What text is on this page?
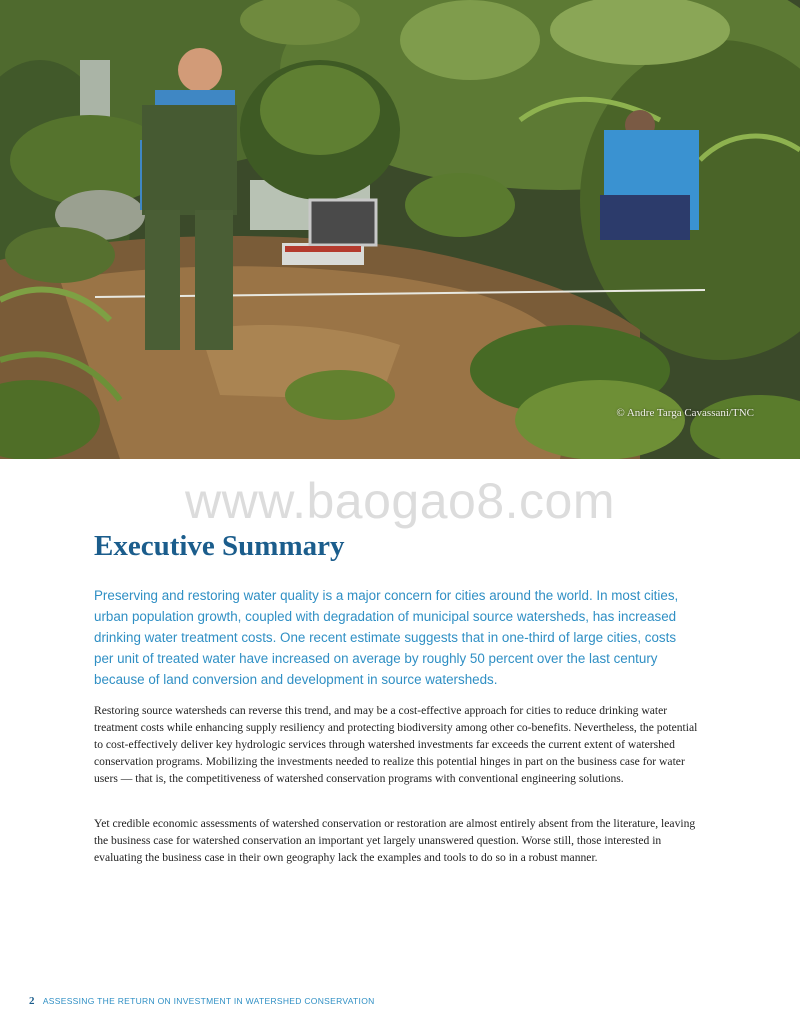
© Andre Targa Cavassani/TNC
www.baogao8.com
Executive Summary

Preserving and restoring water quality is a major concern for cities around the world. In most cities, urban population growth, coupled with degradation of municipal source watersheds, has increased drinking water treatment costs. One recent estimate suggests that in one-third of large cities, costs per unit of treated water have increased on average by roughly 50 percent over the last century because of land conversion and development in source watersheds.

Restoring source watersheds can reverse this trend, and may be a cost-effective approach for cities to reduce drinking water treatment costs while enhancing supply resiliency and protecting biodiversity among other co-benefits. Nevertheless, the potential to cost-effectively deliver key hydrologic services through watershed investments far exceeds the current extent of watershed conservation programs. Mobilizing the investments needed to realize this potential hinges in part on the business case for water users — that is, the competitiveness of watershed conservation programs with conventional engineering solutions.

Yet credible economic assessments of watershed conservation or restoration are almost entirely absent from the literature, leaving the business case for watershed conservation an important yet largely unanswered question. Worse still, those interested in evaluating the business case in their own geography lack the examples and tools to do so in a robust manner.

2 ASSESSING THE RETURN ON INVESTMENT IN WATERSHED CONSERVATION
